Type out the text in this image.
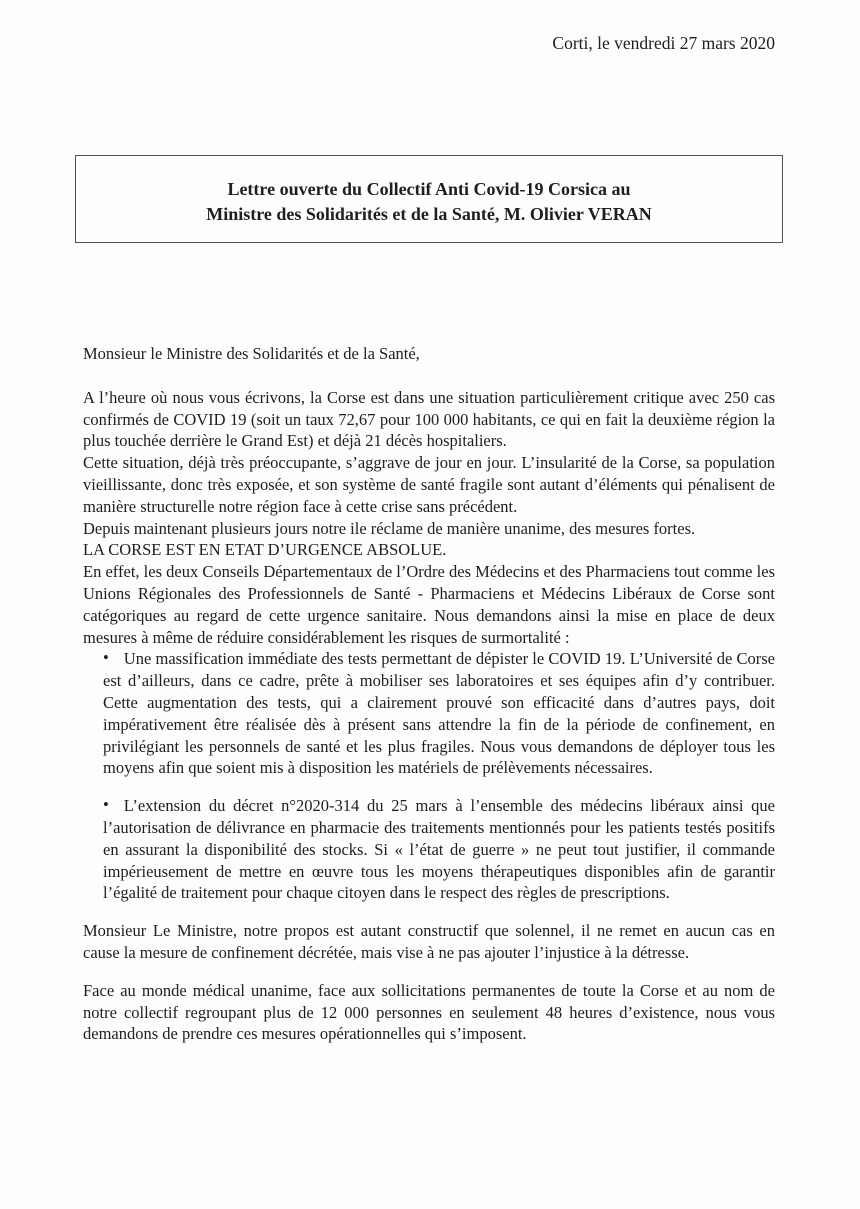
Corti, le vendredi 27 mars 2020
Lettre ouverte du Collectif Anti Covid-19 Corsica au
Ministre des Solidarités et de la Santé, M. Olivier VERAN

Monsieur le Ministre des Solidarités et de la Santé,

A l’heure où nous vous écrivons, la Corse est dans une situation particulièrement critique avec 250 cas confirmés de COVID 19 (soit un taux 72,67 pour 100 000 habitants, ce qui en fait la deuxième région la plus touchée derrière le Grand Est) et déjà 21 décès hospitaliers.

Cette situation, déjà très préoccupante, s’aggrave de jour en jour. L’insularité de la Corse, sa population vieillissante, donc très exposée, et son système de santé fragile sont autant d’éléments qui pénalisent de manière structurelle notre région face à cette crise sans précédent.

Depuis maintenant plusieurs jours notre ile réclame de manière unanime, des mesures fortes.

LA CORSE EST EN ETAT D’URGENCE ABSOLUE.

En effet, les deux Conseils Départementaux de l’Ordre des Médecins et des Pharmaciens tout comme les Unions Régionales des Professionnels de Santé - Pharmaciens et Médecins Libéraux de Corse sont catégoriques au regard de cette urgence sanitaire. Nous demandons ainsi la mise en place de deux mesures à même de réduire considérablement les risques de surmortalité :

• Une massification immédiate des tests permettant de dépister le COVID 19. L’Université de Corse est d’ailleurs, dans ce cadre, prête à mobiliser ses laboratoires et ses équipes afin d’y contribuer. Cette augmentation des tests, qui a clairement prouvé son efficacité dans d’autres pays, doit impérativement être réalisée dès à présent sans attendre la fin de la période de confinement, en privilégiant les personnels de santé et les plus fragiles. Nous vous demandons de déployer tous les moyens afin que soient mis à disposition les matériels de prélèvements nécessaires.

• L’extension du décret n°2020-314 du 25 mars à l’ensemble des médecins libéraux ainsi que l’autorisation de délivrance en pharmacie des traitements mentionnés pour les patients testés positifs en assurant la disponibilité des stocks. Si « l’état de guerre » ne peut tout justifier, il commande impérieusement de mettre en œuvre tous les moyens thérapeutiques disponibles afin de garantir l’égalité de traitement pour chaque citoyen dans le respect des règles de prescriptions.

Monsieur Le Ministre, notre propos est autant constructif que solennel, il ne remet en aucun cas en cause la mesure de confinement décrétée, mais vise à ne pas ajouter l’injustice à la détresse.

Face au monde médical unanime, face aux sollicitations permanentes de toute la Corse et au nom de notre collectif regroupant plus de 12 000 personnes en seulement 48 heures d’existence, nous vous demandons de prendre ces mesures opérationnelles qui s’imposent.
